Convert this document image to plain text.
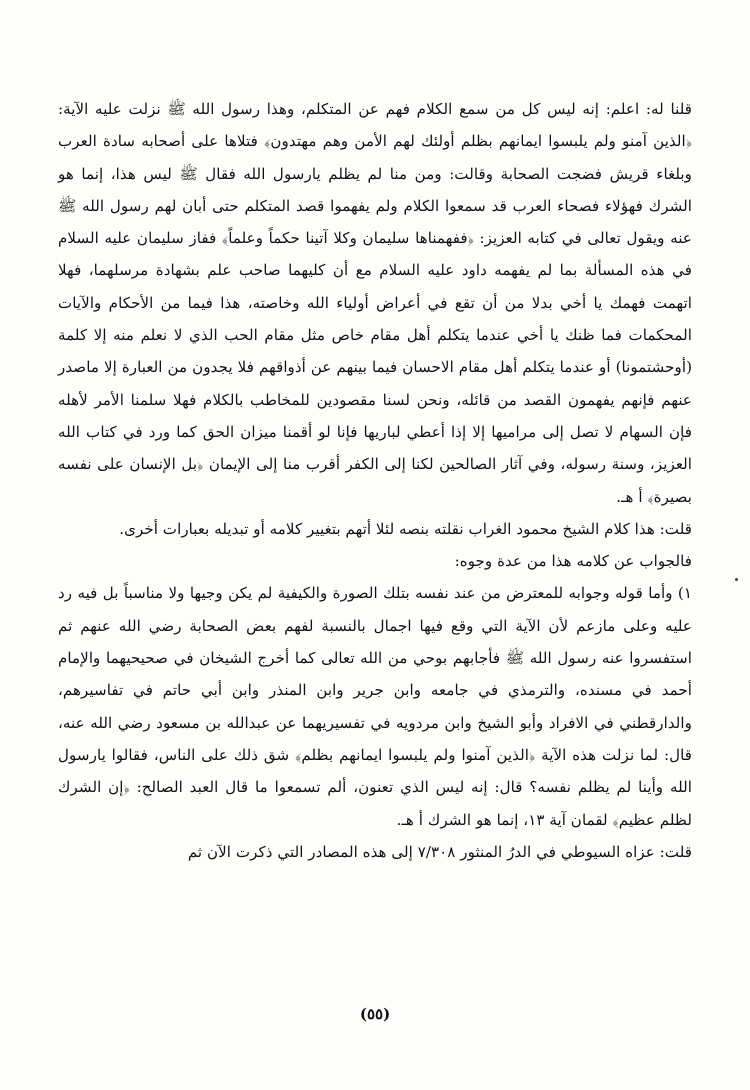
قلنا له: اعلم: إنه ليس كل من سمع الكلام فهم عن المتكلم، وهذا رسول الله ﷺ نزلت عليه الآية: ﴿الذين آمنو ولم يلبسوا ايمانهم بظلم أولئك لهم الأمن وهم مهتدون﴾ فتلاها على أصحابه سادة العرب وبلغاء قريش فضجت الصحابة وقالت: ومن منا لم يظلم يارسول الله فقال ﷺ ليس هذا، إنما هو الشرك فهؤلاء فصحاء العرب قد سمعوا الكلام ولم يفهموا قصد المتكلم حتى أبان لهم رسول الله ﷺ عنه ويقول تعالى في كتابه العزيز: ﴿ففهمناها سليمان وكلا آتينا حكماً وعلماً﴾ ففاز سليمان عليه السلام في هذه المسألة بما لم يفهمه داود عليه السلام مع أن كليهما صاحب علم بشهادة مرسلهما، فهلا اتهمت فهمك يا أخي بدلا من أن تقع في أعراض أولياء الله وخاصته، هذا فيما من الأحكام والآيات المحكمات فما ظنك يا أخي عندما يتكلم أهل مقام خاص مثل مقام الحب الذي لا نعلم منه إلا كلمة (أوحشتمونا) أو عندما يتكلم أهل مقام الاحسان فيما بينهم عن أذواقهم فلا يجدون من العبارة إلا ماصدر عنهم فإنهم يفهمون القصد من قائله، ونحن لسنا مقصودين للمخاطب بالكلام فهلا سلمنا الأمر لأهله فإن السهام لا تصل إلى مراميها إلا إذا أعطي لباريها فإنا لو أقمنا ميزان الحق كما ورد في كتاب الله العزيز، وسنة رسوله، وفي آثار الصالحين لكنا إلى الكفر أقرب منا إلى الإيمان ﴿بل الإنسان على نفسه بصيرة﴾ أ هـ.

قلت: هذا كلام الشيخ محمود الغراب نقلته بنصه لئلا أتهم بتغيير كلامه أو تبديله بعبارات أخرى.

فالجواب عن كلامه هذا من عدة وجوه:

١) وأما قوله وجوابه للمعترض من عند نفسه بتلك الصورة والكيفية لم يكن وجيها ولا مناسباً بل فيه رد عليه وعلى مازعم لأن الآية التي وقع فيها اجمال بالنسبة لفهم بعض الصحابة رضي الله عنهم ثم استفسروا عنه رسول الله ﷺ فأجابهم بوحي من الله تعالى كما أخرج الشيخان في صحيحيهما والإمام أحمد في مسنده، والترمذي في جامعه وابن جرير وابن المنذر وابن أبي حاتم في تفاسيرهم، والدارقطني في الافراد وأبو الشيخ وابن مردويه في تفسيريهما عن عبدالله بن مسعود رضي الله عنه، قال: لما نزلت هذه الآية ﴿الذين آمنوا ولم يلبسوا ايمانهم بظلم﴾ شق ذلك على الناس، فقالوا يارسول الله وأينا لم يظلم نفسه؟ قال: إنه ليس الذي تعنون، ألم تسمعوا ما قال العبد الصالح: ﴿إن الشرك لظلم عظيم﴾ لقمان آية ١٣، إنما هو الشرك أ هـ.

قلت: عزاه السيوطي في الدرُ المنثور ٧/٣٠٨ إلى هذه المصادر التي ذكرت الآن ثم

(٥٥)
